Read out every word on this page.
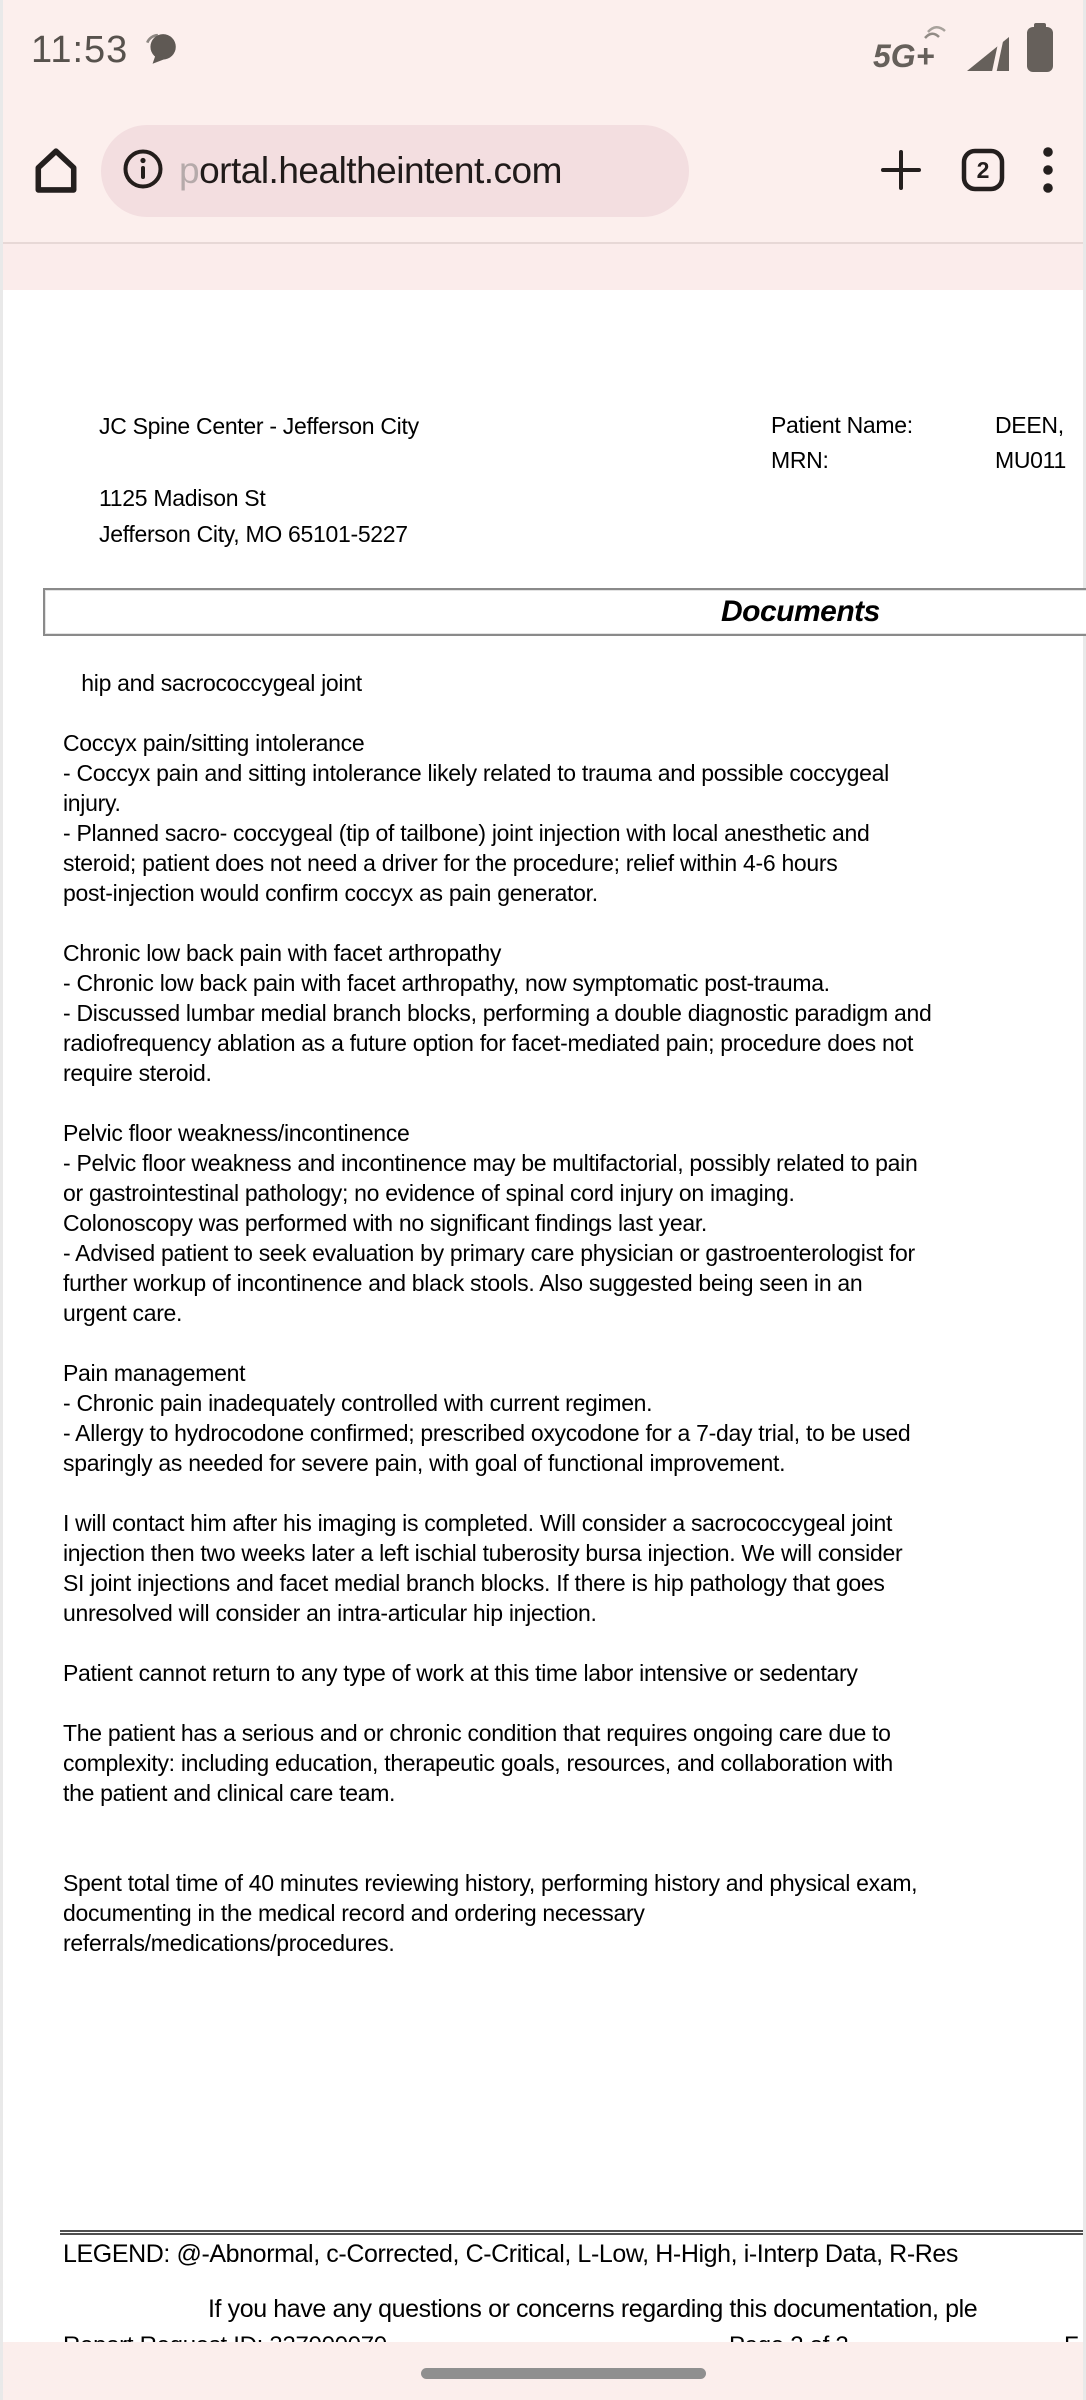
11:53	5G+
portal.healtheintent.com	2
JC Spine Center - Jefferson City

1125 Madison St
Jefferson City, MO 65101-5227
Patient Name:	DEEN,
MRN:	MU011
Documents
hip and sacrococcygeal joint

Coccyx pain/sitting intolerance
- Coccyx pain and sitting intolerance likely related to trauma and possible coccygeal
injury.
- Planned sacro- coccygeal (tip of tailbone) joint injection with local anesthetic and
steroid; patient does not need a driver for the procedure; relief within 4-6 hours
post-injection would confirm coccyx as pain generator.

Chronic low back pain with facet arthropathy
- Chronic low back pain with facet arthropathy, now symptomatic post-trauma.
- Discussed lumbar medial branch blocks, performing a double diagnostic paradigm and
radiofrequency ablation as a future option for facet-mediated pain; procedure does not
require steroid.

Pelvic floor weakness/incontinence
- Pelvic floor weakness and incontinence may be multifactorial, possibly related to pain
or gastrointestinal pathology; no evidence of spinal cord injury on imaging.
Colonoscopy was performed with no significant findings last year.
- Advised patient to seek evaluation by primary care physician or gastroenterologist for
further workup of incontinence and black stools. Also suggested being seen in an
urgent care.

Pain management
- Chronic pain inadequately controlled with current regimen.
- Allergy to hydrocodone confirmed; prescribed oxycodone for a 7-day trial, to be used
sparingly as needed for severe pain, with goal of functional improvement.

I will contact him after his imaging is completed. Will consider a sacrococcygeal joint
injection then two weeks later a left ischial tuberosity bursa injection. We will consider
SI joint injections and facet medial branch blocks. If there is hip pathology that goes
unresolved will consider an intra-articular hip injection.

Patient cannot return to any type of work at this time labor intensive or sedentary

The patient has a serious and or chronic condition that requires ongoing care due to
complexity: including education, therapeutic goals, resources, and collaboration with
the patient and clinical care team.

Spent total time of 40 minutes reviewing history, performing history and physical exam,
documenting in the medical record and ordering necessary
referrals/medications/procedures.
LEGEND: @-Abnormal, c-Corrected, C-Critical, L-Low, H-High, i-Interp Data, R-Res
If you have any questions or concerns regarding this documentation, ple
